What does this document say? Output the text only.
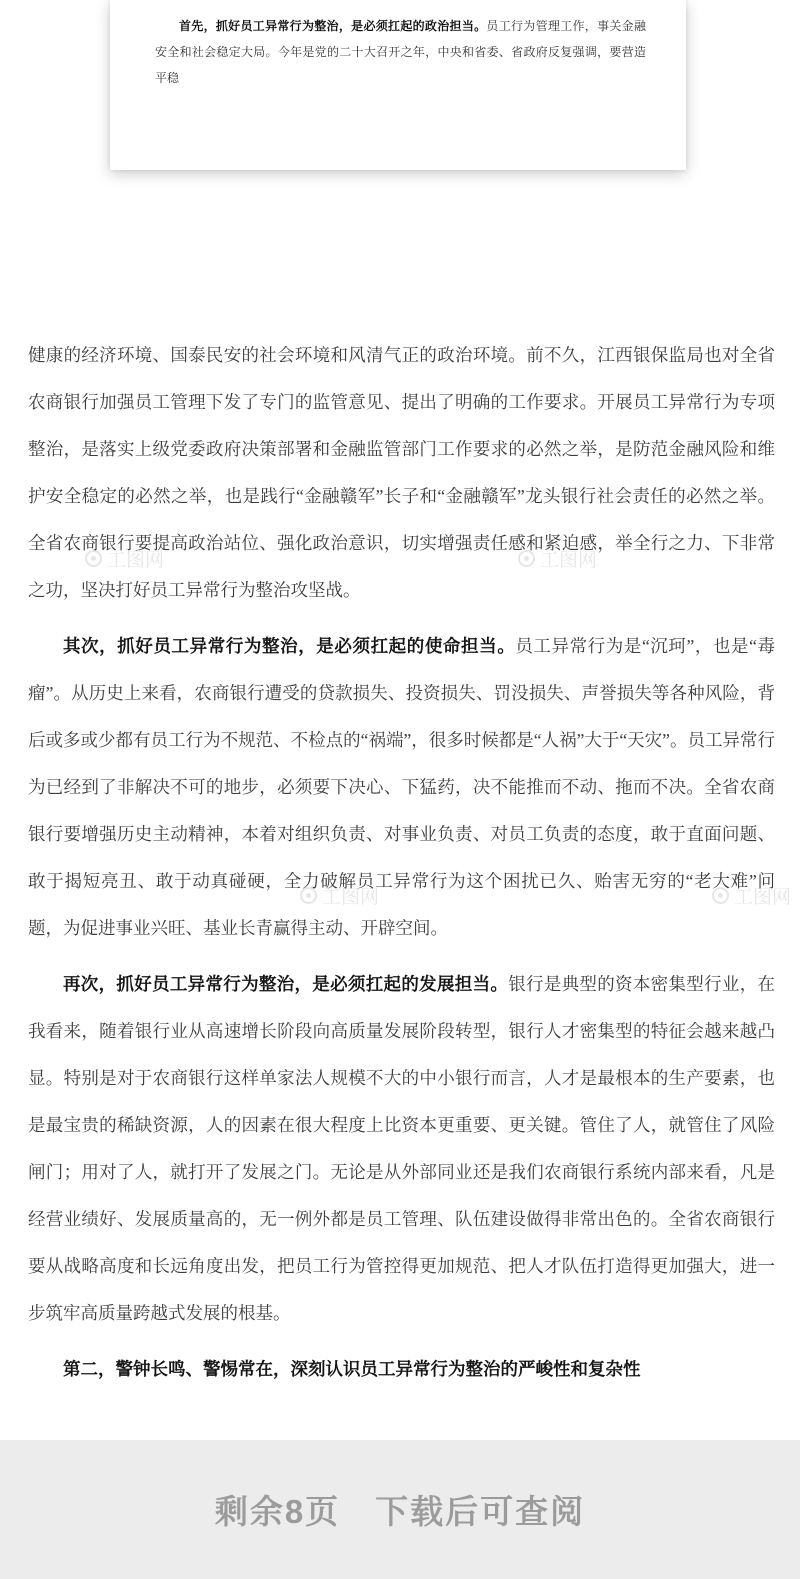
首先，抓好员工异常行为整治，是必须扛起的政治担当。员工行为管理工作，事关金融安全和社会稳定大局。今年是党的二十大召开之年，中央和省委、省政府反复强调，要营造平稳

工图网	工图网
工图网	工图网

健康的经济环境、国泰民安的社会环境和风清气正的政治环境。前不久，江西银保监局也对全省农商银行加强员工管理下发了专门的监管意见、提出了明确的工作要求。开展员工异常行为专项整治，是落实上级党委政府决策部署和金融监管部门工作要求的必然之举，是防范金融风险和维护安全稳定的必然之举，也是践行“金融赣军”长子和“金融赣军”龙头银行社会责任的必然之举。全省农商银行要提高政治站位、强化政治意识，切实增强责任感和紧迫感，举全行之力、下非常之功，坚决打好员工异常行为整治攻坚战。

其次，抓好员工异常行为整治，是必须扛起的使命担当。员工异常行为是“沉珂”，也是“毒瘤”。从历史上来看，农商银行遭受的贷款损失、投资损失、罚没损失、声誉损失等各种风险，背后或多或少都有员工行为不规范、不检点的“祸端”，很多时候都是“人祸”大于“天灾”。员工异常行为已经到了非解决不可的地步，必须要下决心、下猛药，决不能推而不动、拖而不决。全省农商银行要增强历史主动精神，本着对组织负责、对事业负责、对员工负责的态度，敢于直面问题、敢于揭短亮丑、敢于动真碰硬，全力破解员工异常行为这个困扰已久、贻害无穷的“老大难”问题，为促进事业兴旺、基业长青赢得主动、开辟空间。

再次，抓好员工异常行为整治，是必须扛起的发展担当。银行是典型的资本密集型行业，在我看来，随着银行业从高速增长阶段向高质量发展阶段转型，银行人才密集型的特征会越来越凸显。特别是对于农商银行这样单家法人规模不大的中小银行而言，人才是最根本的生产要素，也是最宝贵的稀缺资源，人的因素在很大程度上比资本更重要、更关键。管住了人，就管住了风险闸门；用对了人，就打开了发展之门。无论是从外部同业还是我们农商银行系统内部来看，凡是经营业绩好、发展质量高的，无一例外都是员工管理、队伍建设做得非常出色的。全省农商银行要从战略高度和长远角度出发，把员工行为管控得更加规范、把人才队伍打造得更加强大，进一步筑牢高质量跨越式发展的根基。

第二，警钟长鸣、警惕常在，深刻认识员工异常行为整治的严峻性和复杂性

剩余8页　下载后可查阅
